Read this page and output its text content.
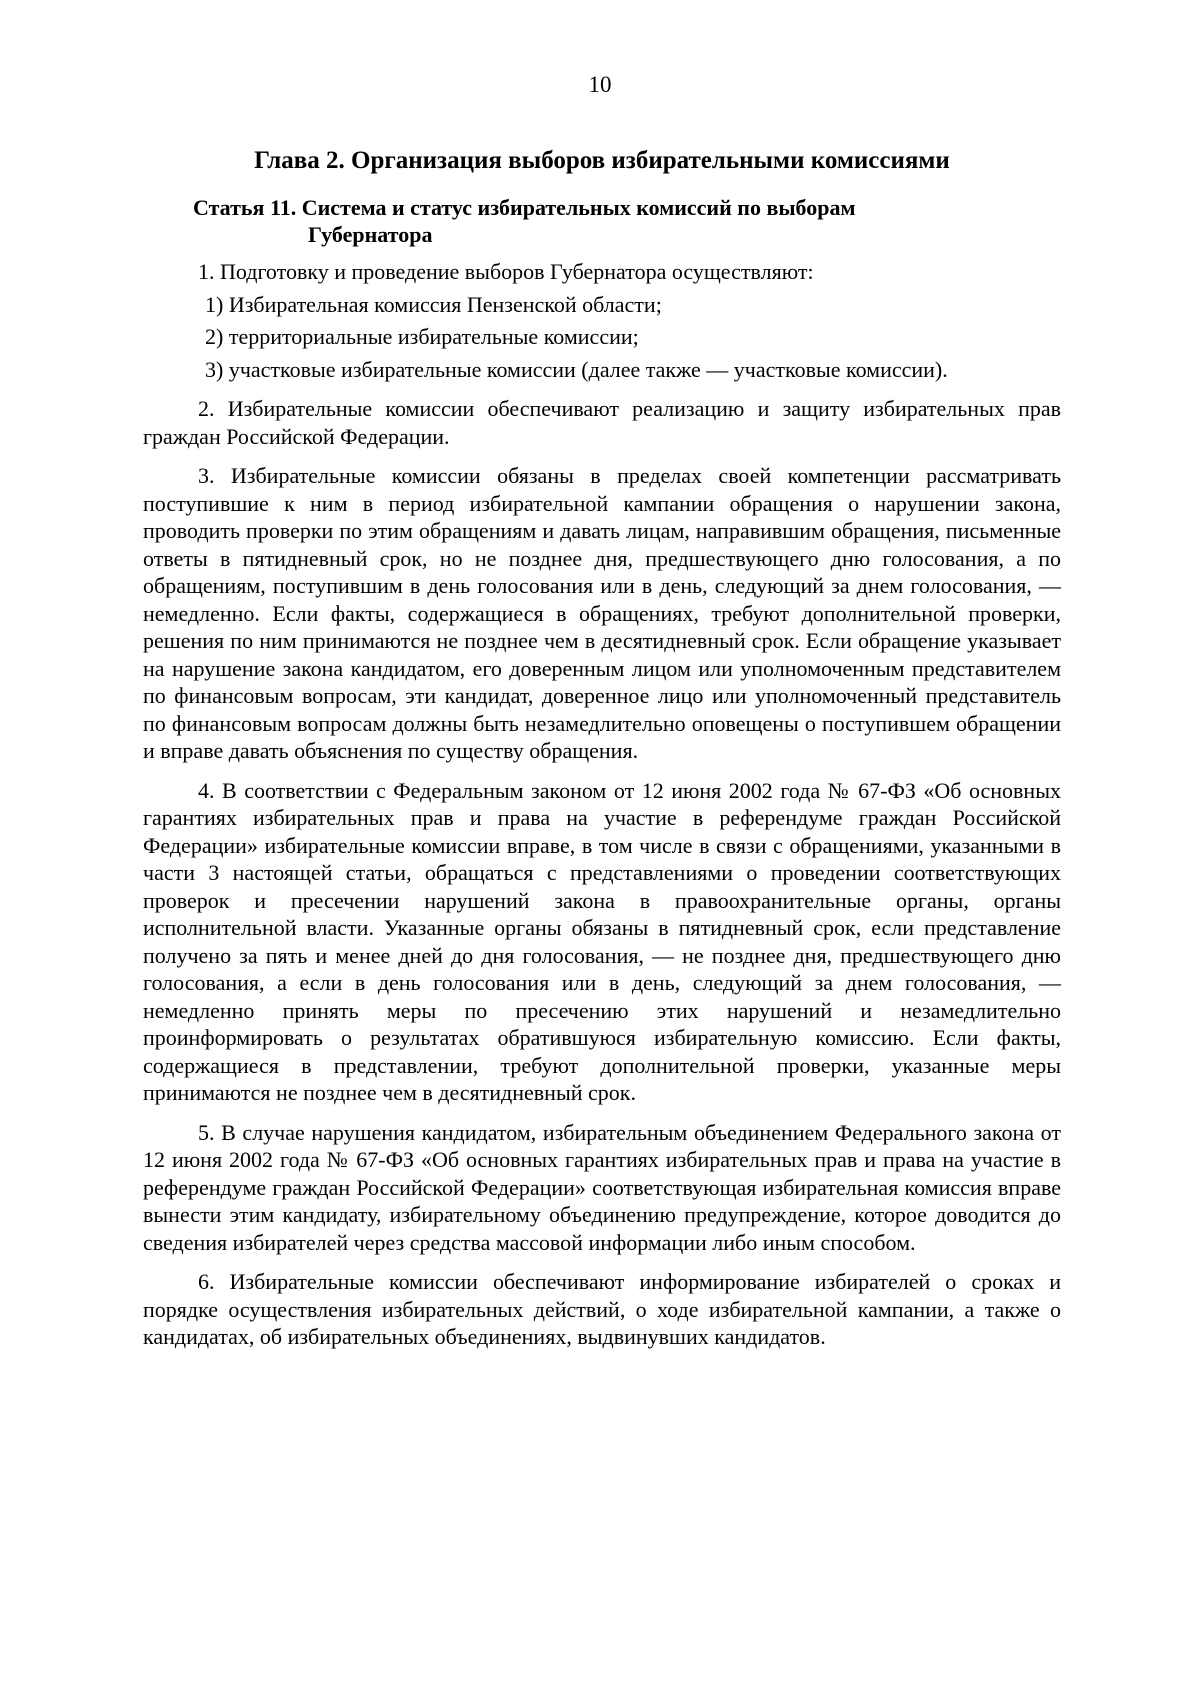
10
Глава 2. Организация выборов избирательными комиссиями
Статья 11. Система и статус избирательных комиссий по выборам
Губернатора

1. Подготовку и проведение выборов Губернатора осуществляют:

1) Избирательная комиссия Пензенской области;
2) территориальные избирательные комиссии;
3) участковые избирательные комиссии (далее также — участковые комиссии).

2. Избирательные комиссии обеспечивают реализацию и защиту избирательных прав граждан Российской Федерации.

3. Избирательные комиссии обязаны в пределах своей компетенции рассматривать поступившие к ним в период избирательной кампании обращения о нарушении закона, проводить проверки по этим обращениям и давать лицам, направившим обращения, письменные ответы в пятидневный срок, но не позднее дня, предшествующего дню голосования, а по обращениям, поступившим в день голосования или в день, следующий за днем голосования, — немедленно. Если факты, содержащиеся в обращениях, требуют дополнительной проверки, решения по ним принимаются не позднее чем в десятидневный срок. Если обращение указывает на нарушение закона кандидатом, его доверенным лицом или уполномоченным представителем по финансовым вопросам, эти кандидат, доверенное лицо или уполномоченный представитель по финансовым вопросам должны быть незамедлительно оповещены о поступившем обращении и вправе давать объяснения по существу обращения.

4. В соответствии с Федеральным законом от 12 июня 2002 года № 67-ФЗ «Об основных гарантиях избирательных прав и права на участие в референдуме граждан Российской Федерации» избирательные комиссии вправе, в том числе в связи с обращениями, указанными в части 3 настоящей статьи, обращаться с представлениями о проведении соответствующих проверок и пресечении нарушений закона в правоохранительные органы, органы исполнительной власти. Указанные органы обязаны в пятидневный срок, если представление получено за пять и менее дней до дня голосования, — не позднее дня, предшествующего дню голосования, а если в день голосования или в день, следующий за днем голосования, — немедленно принять меры по пресечению этих нарушений и незамедлительно проинформировать о результатах обратившуюся избирательную комиссию. Если факты, содержащиеся в представлении, требуют дополнительной проверки, указанные меры принимаются не позднее чем в десятидневный срок.

5. В случае нарушения кандидатом, избирательным объединением Федерального закона от 12 июня 2002 года № 67-ФЗ «Об основных гарантиях избирательных прав и права на участие в референдуме граждан Российской Федерации» соответствующая избирательная комиссия вправе вынести этим кандидату, избирательному объединению предупреждение, которое доводится до сведения избирателей через средства массовой информации либо иным способом.

6. Избирательные комиссии обеспечивают информирование избирателей о сроках и порядке осуществления избирательных действий, о ходе избирательной кампании, а также о кандидатах, об избирательных объединениях, выдвинувших кандидатов.
